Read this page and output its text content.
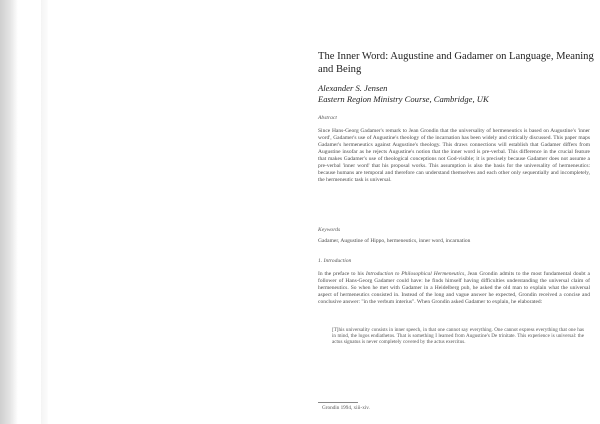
The Inner Word: Augustine and Gadamer on Language, Meaning and Being
Alexander S. Jensen
Eastern Region Ministry Course, Cambridge, UK
Abstract

Since Hans-Georg Gadamer's remark to Jean Grondin that the universality of hermeneutics is based on Augustine's 'inner word', Gadamer's use of Augustine's theology of the incarnation has been widely and critically discussed. This paper maps Gadamer's hermeneutics against Augustine's theology. This draws connections will establish that Gadamer differs from Augustine insofar as he rejects Augustine's notion that the inner word is pre-verbal. This difference in the crucial feature that makes Gadamer's use of theological conceptions not God-visible; it is precisely because Gadamer does not assume a pre-verbal 'inner word' that his proposal works. This assumption is also the basis for the universality of hermeneutics: because humans are temporal and therefore can understand themselves and each other only sequentially and incompletely, the hermeneutic task is universal.

Keywords

Gadamer, Augustine of Hippo, hermeneutics, inner word, incarnation

1. Introduction

In the preface to his Introduction to Philosophical Hermeneutics, Jean Grondin admits to the most fundamental doubt a follower of Hans-Georg Gadamer could have: he finds himself having difficulties understanding the universal claim of hermeneutics. So when he met with Gadamer in a Heidelberg pub, he asked the old man to explain what the universal aspect of hermeneutics consisted in. Instead of the long and vague answer he expected, Grondin received a concise and conclusive answer: "in the verbum interius". When Grondin asked Gadamer to explain, he elaborated:

[T]his universality consists in inner speech, in that one cannot say everything. One cannot express everything that one has in mind, the logos endiathetos. That is something I learned from Augustine's De trinitate. This experience is universal: the actus signatus is never completely covered by the actus exercitus.

Grondin 1994, xiii-xiv.
